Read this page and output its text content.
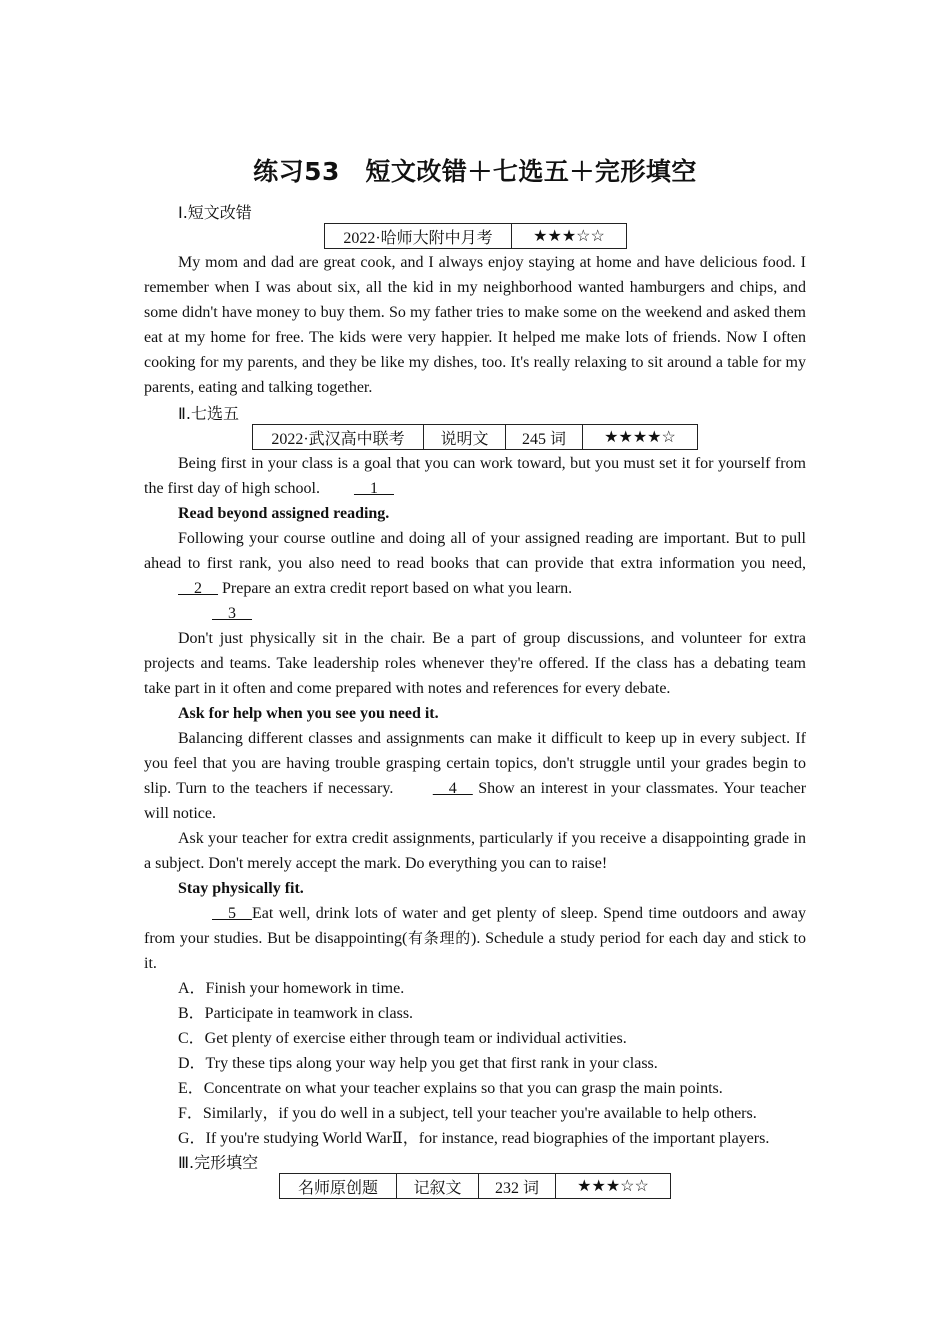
练习53　短文改错＋七选五＋完形填空
Ⅰ.短文改错
2022·哈师大附中月考	★★★☆☆

My mom and dad are great cook, and I always enjoy staying at home and have delicious food. I remember when I was about six, all the kid in my neighborhood wanted hamburgers and chips, and some didn't have money to buy them. So my father tries to make some on the weekend and asked them eat at my home for free. The kids were very happier. It helped me make lots of friends. Now I often cooking for my parents, and they be like my dishes, too. It's really relaxing to sit around a table for my parents, eating and talking together.

Ⅱ.七选五
2022·武汉高中联考	说明文	245 词	★★★★☆

Being first in your class is a goal that you can work toward, but you must set it for yourself from the first day of high school.　1　

Read beyond assigned reading.

Following your course outline and doing all of your assigned reading are important. But to pull ahead to first rank, you also need to read books that can provide that extra information you need, 　2　 Prepare an extra credit report based on what you learn.

　3　

Don't just physically sit in the chair. Be a part of group discussions, and volunteer for extra projects and teams. Take leadership roles whenever they're offered. If the class has a debating team take part in it often and come prepared with notes and references for every debate.

Ask for help when you see you need it.

Balancing different classes and assignments can make it difficult to keep up in every subject. If you feel that you are having trouble grasping certain topics, don't struggle until your grades begin to slip. Turn to the teachers if necessary. 　4　 Show an interest in your classmates. Your teacher will notice.

Ask your teacher for extra credit assignments, particularly if you receive a disappointing grade in a subject. Don't merely accept the mark. Do everything you can to raise!

Stay physically fit.

　5　Eat well, drink lots of water and get plenty of sleep. Spend time outdoors and away from your studies. But be disappointing(有条理的). Schedule a study period for each day and stick to it.

A．Finish your homework in time.
B．Participate in teamwork in class.
C．Get plenty of exercise either through team or individual activities.
D．Try these tips along your way help you get that first rank in your class.
E．Concentrate on what your teacher explains so that you can grasp the main points.
F．Similarly，if you do well in a subject, tell your teacher you're available to help others.
G．If you're studying World WarⅡ，for instance, read biographies of the important players.
Ⅲ.完形填空
名师原创题	记叙文	232 词	★★★☆☆
